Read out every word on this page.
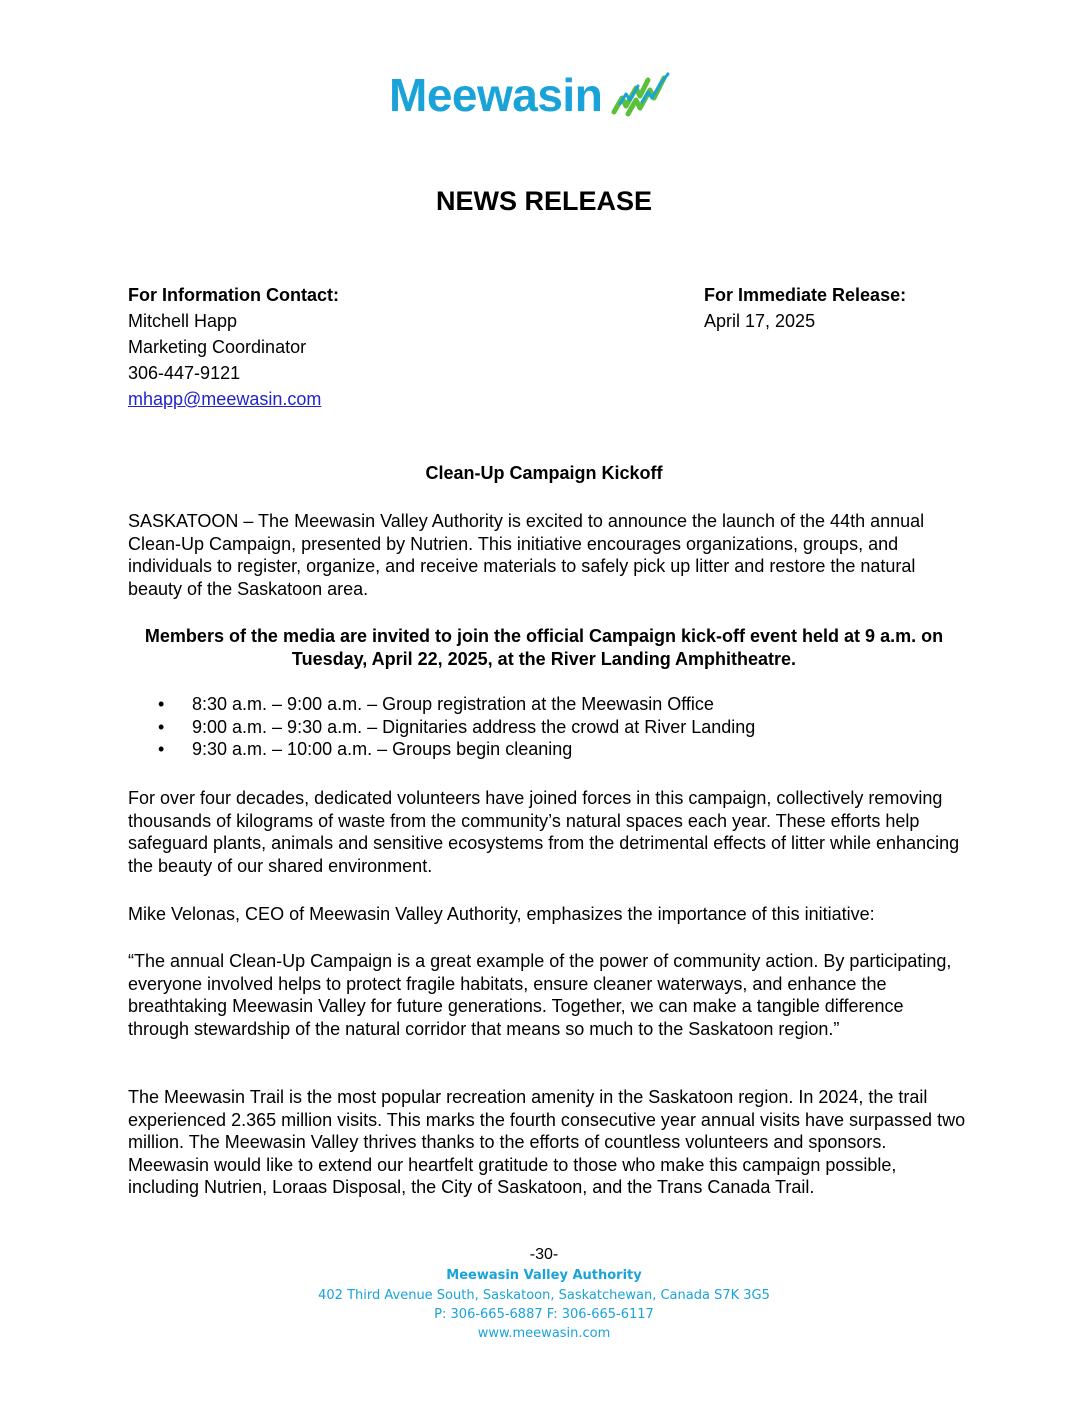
Meewasin
NEWS RELEASE
For Information Contact:
Mitchell Happ
Marketing Coordinator
306-447-9121
mhapp@meewasin.com
For Immediate Release:
April 17, 2025
Clean-Up Campaign Kickoff
SASKATOON – The Meewasin Valley Authority is excited to announce the launch of the 44th annual Clean-Up Campaign, presented by Nutrien. This initiative encourages organizations, groups, and individuals to register, organize, and receive materials to safely pick up litter and restore the natural beauty of the Saskatoon area.
Members of the media are invited to join the official Campaign kick-off event held at 9 a.m. on Tuesday, April 22, 2025, at the River Landing Amphitheatre.
• 8:30 a.m. – 9:00 a.m. – Group registration at the Meewasin Office
• 9:00 a.m. – 9:30 a.m. – Dignitaries address the crowd at River Landing
• 9:30 a.m. – 10:00 a.m. – Groups begin cleaning
For over four decades, dedicated volunteers have joined forces in this campaign, collectively removing thousands of kilograms of waste from the community’s natural spaces each year. These efforts help safeguard plants, animals and sensitive ecosystems from the detrimental effects of litter while enhancing the beauty of our shared environment.
Mike Velonas, CEO of Meewasin Valley Authority, emphasizes the importance of this initiative:
“The annual Clean-Up Campaign is a great example of the power of community action. By participating, everyone involved helps to protect fragile habitats, ensure cleaner waterways, and enhance the breathtaking Meewasin Valley for future generations. Together, we can make a tangible difference through stewardship of the natural corridor that means so much to the Saskatoon region.”
The Meewasin Trail is the most popular recreation amenity in the Saskatoon region. In 2024, the trail experienced 2.365 million visits. This marks the fourth consecutive year annual visits have surpassed two million. The Meewasin Valley thrives thanks to the efforts of countless volunteers and sponsors. Meewasin would like to extend our heartfelt gratitude to those who make this campaign possible, including Nutrien, Loraas Disposal, the City of Saskatoon, and the Trans Canada Trail.
-30-
Meewasin Valley Authority
402 Third Avenue South, Saskatoon, Saskatchewan, Canada S7K 3G5
P: 306-665-6887 F: 306-665-6117
www.meewasin.com
